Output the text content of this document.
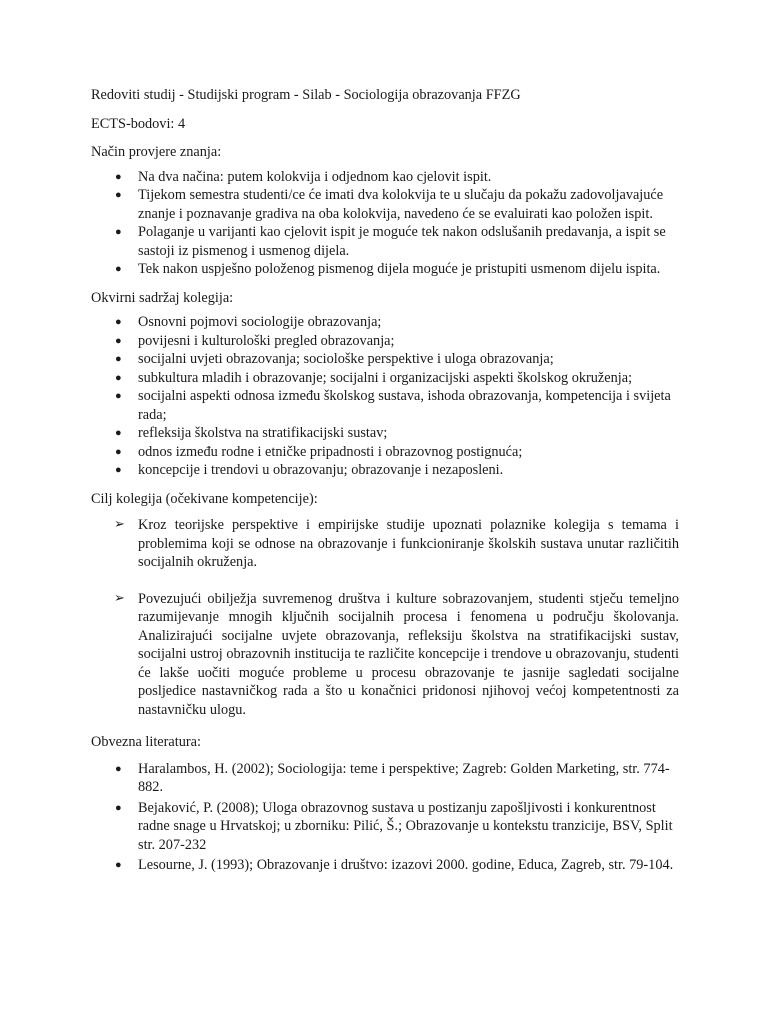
Redoviti studij - Studijski program - Silab - Sociologija obrazovanja FFZG

ECTS-bodovi: 4

Način provjere znanja:

● Na dva načina: putem kolokvija i odjednom kao cjelovit ispit.
● Tijekom semestra studenti/ce će imati dva kolokvija te u slučaju da pokažu zadovoljavajuće znanje i poznavanje gradiva na oba kolokvija, navedeno će se evaluirati kao položen ispit.
● Polaganje u varijanti kao cjelovit ispit je moguće tek nakon odslušanih predavanja, a ispit se sastoji iz pismenog i usmenog dijela.
● Tek nakon uspješno položenog pismenog dijela moguće je pristupiti usmenom dijelu ispita.

Okvirni sadržaj kolegija:

● Osnovni pojmovi sociologije obrazovanja;
● povijesni i kulturološki pregled obrazovanja;
● socijalni uvjeti obrazovanja; sociološke perspektive i uloga obrazovanja;
● subkultura mladih i obrazovanje; socijalni i organizacijski aspekti školskog okruženja;
● socijalni aspekti odnosa između školskog sustava, ishoda obrazovanja, kompetencija i svijeta rada;
● refleksija školstva na stratifikacijski sustav;
● odnos između rodne i etničke pripadnosti i obrazovnog postignuća;
● koncepcije i trendovi u obrazovanju; obrazovanje i nezaposleni.

Cilj kolegija (očekivane kompetencije):

➢ Kroz teorijske perspektive i empirijske studije upoznati polaznike kolegija s temama i problemima koji se odnose na obrazovanje i funkcioniranje školskih sustava unutar različitih socijalnih okruženja.
➢ Povezujući obilježja suvremenog društva i kulture sobrazovanjem, studenti stječu temeljno razumijevanje mnogih ključnih socijalnih procesa i fenomena u području školovanja. Analizirajući socijalne uvjete obrazovanja, refleksiju školstva na stratifikacijski sustav, socijalni ustroj obrazovnih institucija te različite koncepcije i trendove u obrazovanju, studenti će lakše uočiti moguće probleme u procesu obrazovanje te jasnije sagledati socijalne posljedice nastavničkog rada a što u konačnici pridonosi njihovoj većoj kompetentnosti za nastavničku ulogu.

Obvezna literatura:

● Haralambos, H. (2002); Sociologija: teme i perspektive; Zagreb: Golden Marketing, str. 774-882.
● Bejaković, P. (2008); Uloga obrazovnog sustava u postizanju zapošljivosti i konkurentnost radne snage u Hrvatskoj; u zborniku: Pilić, Š.; Obrazovanje u kontekstu tranzicije, BSV, Split str. 207-232
● Lesourne, J. (1993); Obrazovanje i društvo: izazovi 2000. godine, Educa, Zagreb, str. 79-104.
